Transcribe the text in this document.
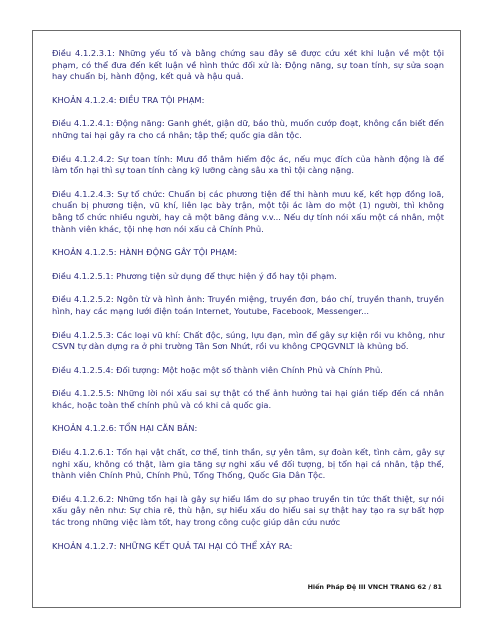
Điều 4.1.2.3.1: Những yếu tố và bằng chứng sau đây sẽ được cứu xét khi luận về một tội phạm, có thể đưa đến kết luận về hình thức đối xử là: Động năng, sự toan tính, sự sửa soạn hay chuẩn bị, hành động, kết quả và hậu quả.

KHOẢN 4.1.2.4: ĐIỀU TRA TỘI PHẠM:

Điều 4.1.2.4.1: Động năng: Ganh ghét, giận dữ, báo thù, muốn cướp đoạt, không cần biết đến những tai hại gây ra cho cá nhân; tập thể; quốc gia dân tộc.

Điều 4.1.2.4.2: Sự toan tính: Mưu đồ thâm hiểm độc ác, nếu mục đích của hành động là để làm tổn hại thì sự toan tính càng kỹ lưỡng càng sâu xa thì tội càng nặng.

Điều 4.1.2.4.3: Sự tổ chức: Chuẩn bị các phương tiện để thi hành mưu kế, kết hợp đồng loã, chuẩn bị phương tiện, vũ khí, liên lạc bày trận, một tội ác làm do một (1) người, thì không bằng tổ chức nhiều người, hay cả một băng đảng v.v... Nếu dự tính nói xấu một cá nhân, một thành viên khác, tội nhẹ hơn nói xấu cả Chính Phủ.

KHOẢN 4.1.2.5: HÀNH ĐỘNG GÂY TỘI PHẠM:

Điều 4.1.2.5.1: Phương tiện sử dụng để thực hiện ý đồ hay tội phạm.

Điều 4.1.2.5.2: Ngôn từ và hình ảnh: Truyền miệng, truyền đơn, báo chí, truyền thanh, truyền hình, hay các mạng lưới điện toán Internet, Youtube, Facebook, Messenger...

Điều 4.1.2.5.3: Các loại vũ khí: Chất độc, súng, lựu đạn, mìn để gây sự kiện rồi vu không, như CSVN tự dàn dựng ra ở phi trường Tân Sơn Nhứt, rồi vu không CPQGVNLT là khủng bố.

Điều 4.1.2.5.4: Đối tượng: Một hoặc một số thành viên Chính Phủ và Chính Phủ.

Điều 4.1.2.5.5: Những lời nói xấu sai sự thật có thể ảnh hưởng tai hại gián tiếp đến cá nhân khác, hoặc toàn thể chính phủ và có khi cả quốc gia.

KHOẢN 4.1.2.6: TỔN HẠI CĂN BẢN:

Điều 4.1.2.6.1: Tổn hại vật chất, cơ thể, tinh thần, sự yên tâm, sự đoàn kết, tình cảm, gây sự nghi xấu, không có thật, làm gia tăng sự nghi xấu về đối tượng, bị tổn hại cá nhân, tập thể, thành viên Chính Phủ, Chính Phủ, Tổng Thống, Quốc Gia Dân Tộc.

Điều 4.1.2.6.2: Những tổn hại là gây sự hiểu lầm do sự phao truyền tin tức thất thiệt, sự nói xấu gây nên như: Sự chia rẽ, thù hận, sự hiểu xấu do hiểu sai sự thật hay tạo ra sự bất hợp tác trong những việc làm tốt, hay trong công cuộc giúp dân cứu nước

KHOẢN 4.1.2.7: NHỮNG KẾT QUẢ TAI HẠI CÓ THỂ XẢY RA:

Hiến Pháp Đệ III VNCH TRANG 62 / 81
